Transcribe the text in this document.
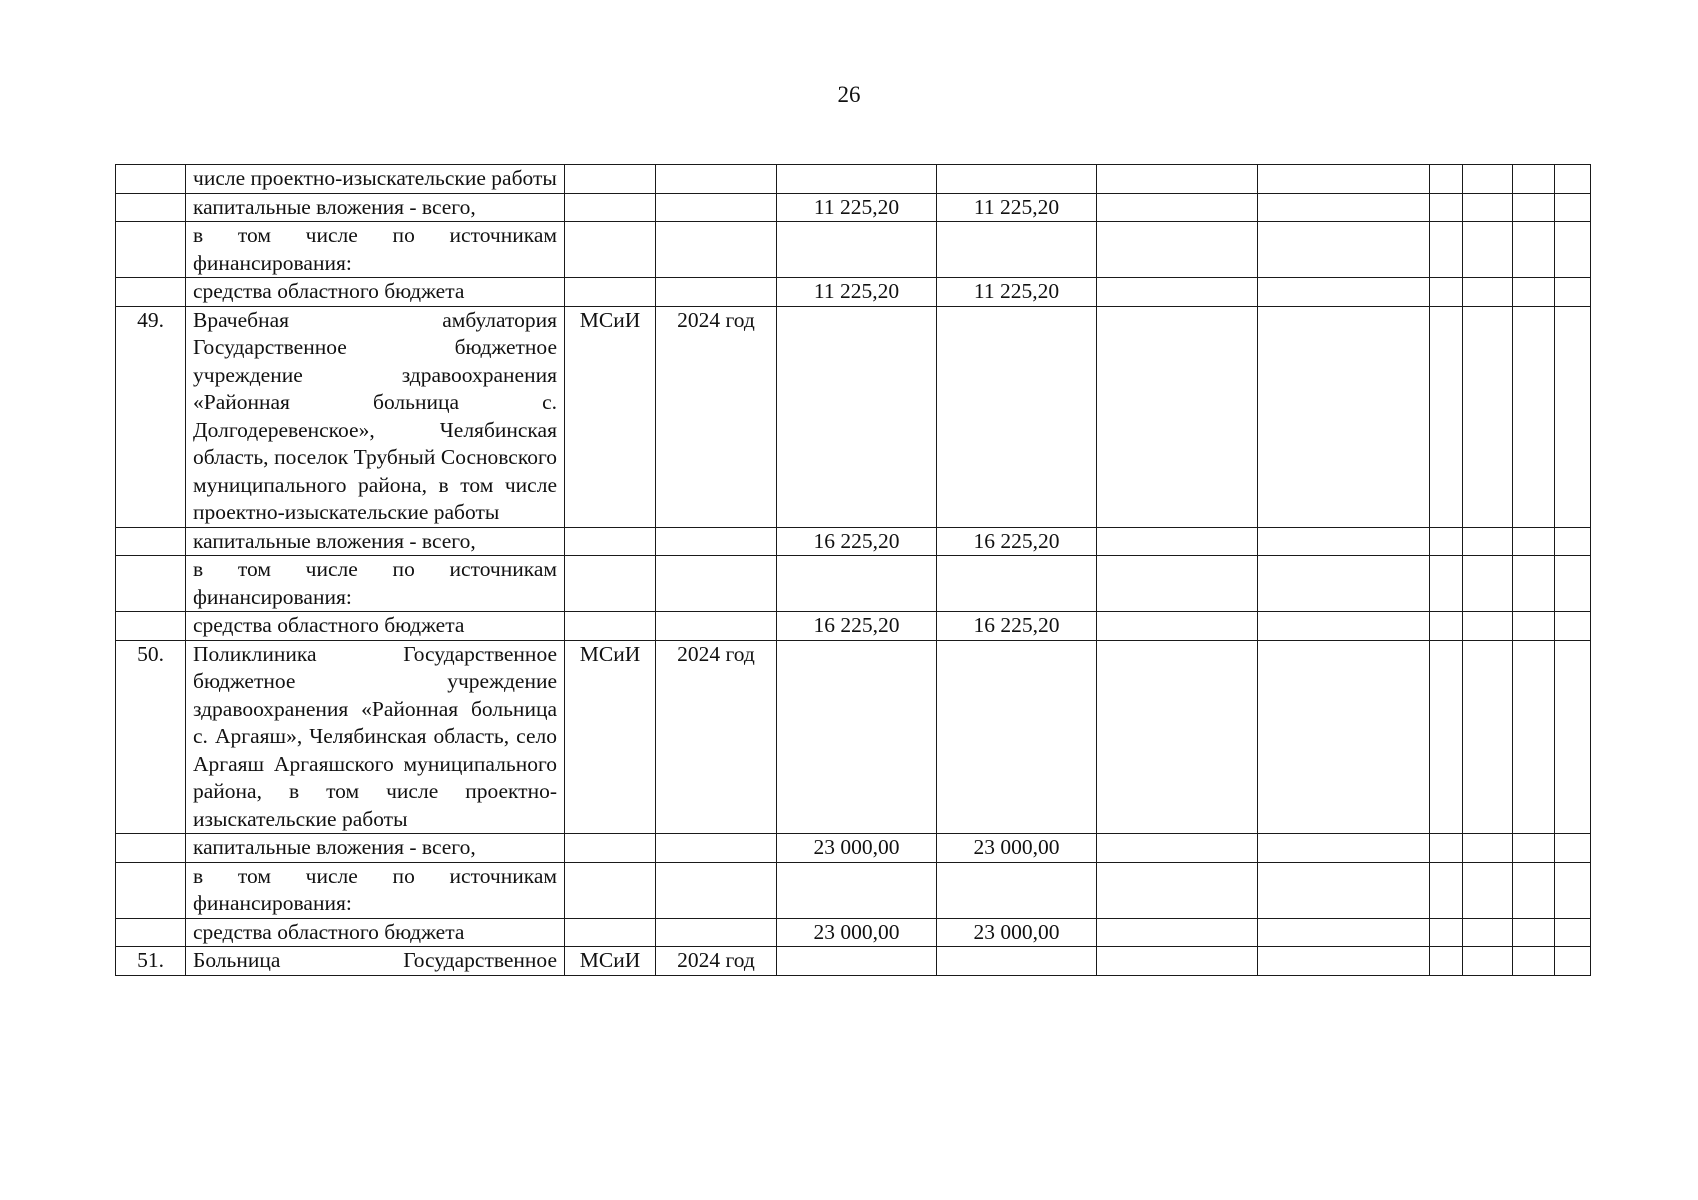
26
	числе проектно-изыскательские работы										
	капитальные вложения - всего,			11 225,20	11 225,20						
	в том числе по источникам финансирования:										
	средства областного бюджета			11 225,20	11 225,20						
49.	Врачебная амбулатория Государственное бюджетное учреждение здравоохранения «Районная больница с. Долгодеревенское», Челябинская область, поселок Трубный Сосновского муниципального района, в том числе проектно-изыскательские работы	МСиИ	2024 год								
	капитальные вложения - всего,			16 225,20	16 225,20						
	в том числе по источникам финансирования:										
	средства областного бюджета			16 225,20	16 225,20						
50.	Поликлиника Государственное бюджетное учреждение здравоохранения «Районная больница с. Аргаяш», Челябинская область, село Аргаяш Аргаяшского муниципального района, в том числе проектно-изыскательские работы	МСиИ	2024 год								
	капитальные вложения - всего,			23 000,00	23 000,00						
	в том числе по источникам финансирования:										
	средства областного бюджета			23 000,00	23 000,00						
51.	Больница Государственное	МСиИ	2024 год								
